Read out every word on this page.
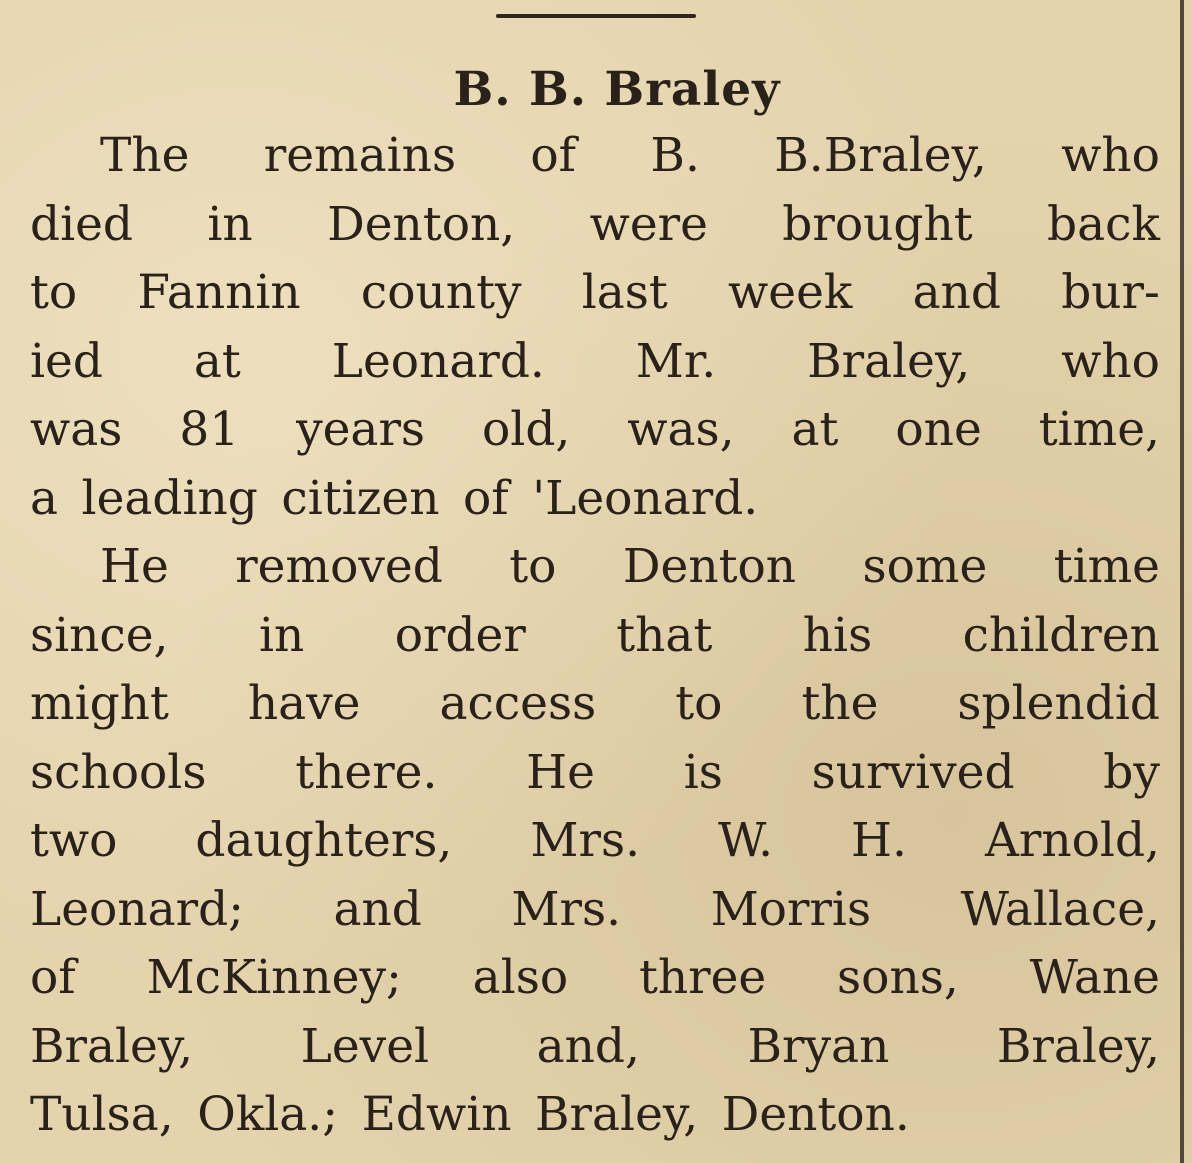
B. B. Braley
The remains of B. B.Braley, who
died in Denton, were brought back
to Fannin county last week and bur-
ied at Leonard. Mr. Braley, who
was 81 years old, was, at one time,
a leading citizen of 'Leonard.
He removed to Denton some time
since, in order that his children
might have access to the splendid
schools there. He is survived by
two daughters, Mrs. W. H. Arnold,
Leonard; and Mrs. Morris Wallace,
of McKinney; also three sons, Wane
Braley, Level and, Bryan Braley,
Tulsa, Okla.; Edwin Braley, Denton.
